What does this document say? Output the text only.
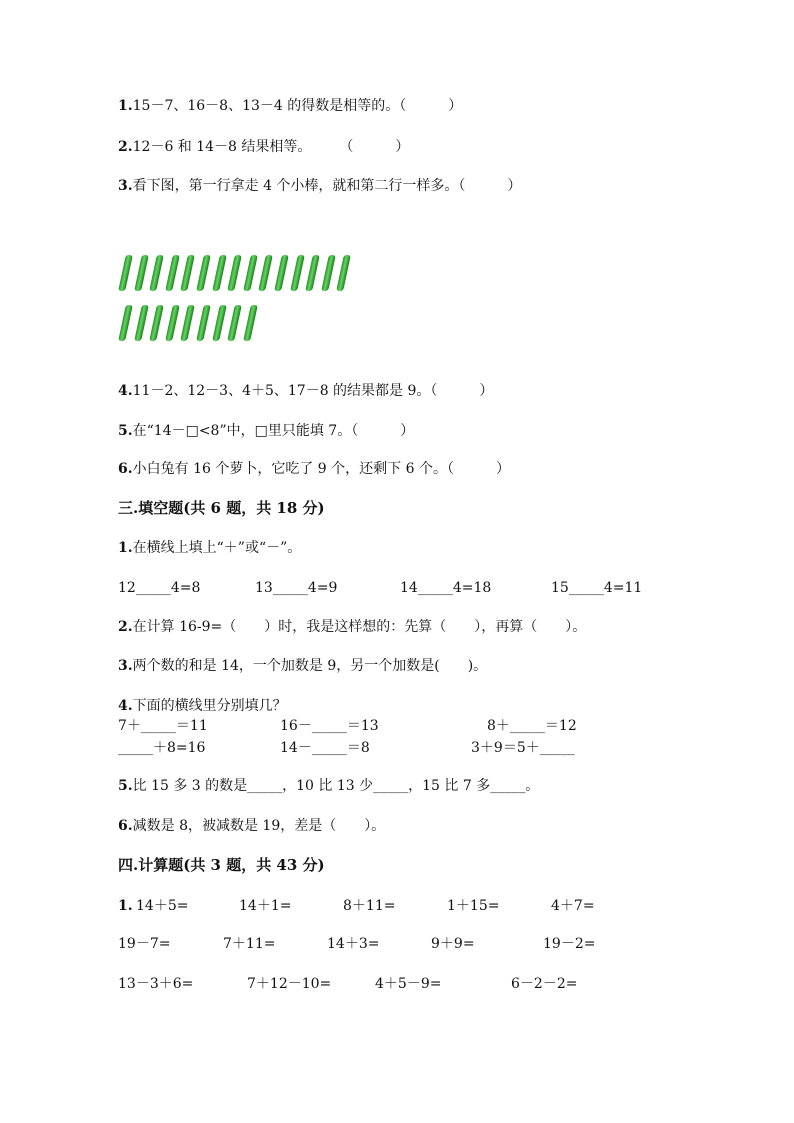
1.15－7、16－8、13－4 的得数是相等的。（　　　）
2.12－6 和 14－8 结果相等。　　　（　　　）
3.看下图，第一行拿走 4 个小棒，就和第二行一样多。（　　　）
4.11－2、12－3、4＋5、17－8 的结果都是 9。（　　　）
5.在“14－□<8”中，□里只能填 7。（　　　）
6.小白兔有 16 个萝卜，它吃了 9 个，还剩下 6 个。（　　　）
三.填空题(共 6 题，共 18 分)
1.在横线上填上“＋”或“－”。
12_____4=8	13_____4=9	14_____4=18	15_____4=11
2.在计算 16-9=（　　）时，我是这样想的：先算（　　），再算（　　）。
3.两个数的和是 14，一个加数是 9，另一个加数是(　　)。
4.下面的横线里分别填几？
7＋_____＝11	16－_____＝13	8＋_____＝12
_____＋8=16	14－_____＝8	3＋9＝5＋_____
5.比 15 多 3 的数是_____，10 比 13 少_____，15 比 7 多_____。
6.减数是 8，被减数是 19，差是（　　）。
四.计算题(共 3 题，共 43 分)
1. 14＋5=	14＋1=	8＋11=	1＋15=	4＋7=
19－7=	7＋11=	14＋3=	9＋9=	19－2=
13－3＋6=	7＋12－10=	4＋5－9=	6－2－2=
